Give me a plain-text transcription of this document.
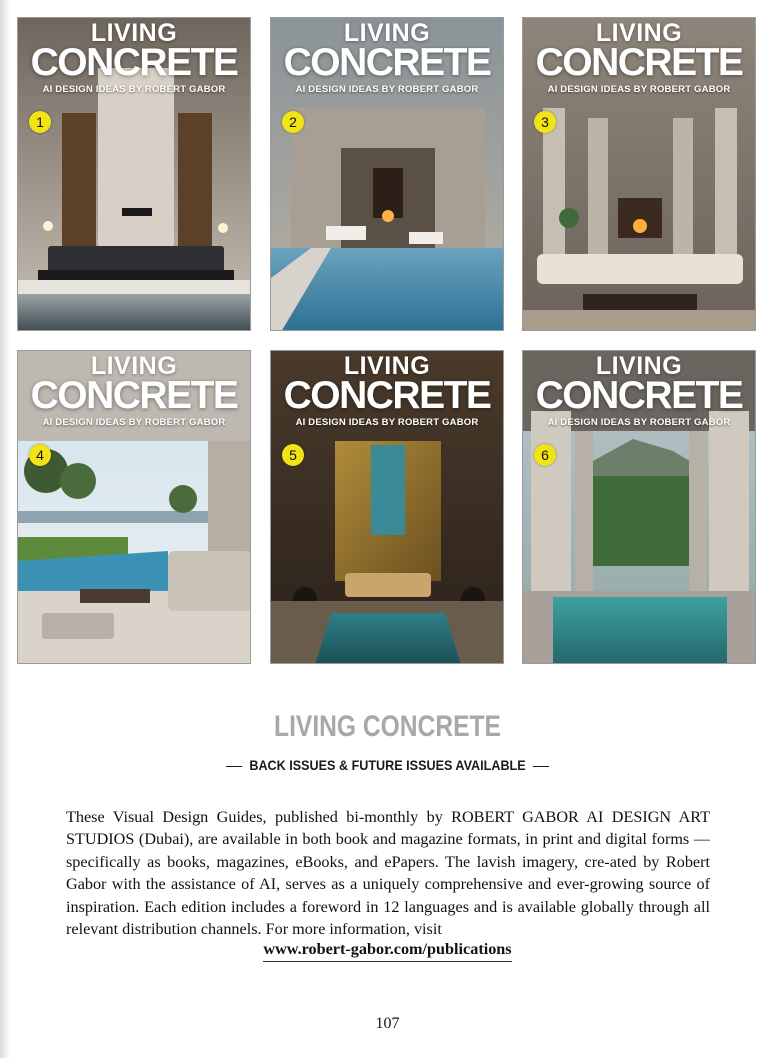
LIVING
CONCRETE
AI DESIGN IDEAS BY ROBERT GABOR
1
LIVING
CONCRETE
AI DESIGN IDEAS BY ROBERT GABOR
2
LIVING
CONCRETE
AI DESIGN IDEAS BY ROBERT GABOR
3
LIVING
CONCRETE
AI DESIGN IDEAS BY ROBERT GABOR
4
LIVING
CONCRETE
AI DESIGN IDEAS BY ROBERT GABOR
5
LIVING
CONCRETE
AI DESIGN IDEAS BY ROBERT GABOR
6
LIVING CONCRETE
BACK ISSUES & FUTURE ISSUES AVAILABLE
These Visual Design Guides, published bi-monthly by ROBERT GABOR AI DESIGN ART STUDIOS (Dubai), are available in both book and magazine formats, in print and digital forms — specifically as books, magazines, eBooks, and ePapers. The lavish imagery, cre-ated by Robert Gabor with the assistance of AI, serves as a uniquely comprehensive and ever-growing source of inspiration. Each edition includes a foreword in 12 languages and is available globally through all relevant distribution channels. For more information, visit
www.robert-gabor.com/publications
107
